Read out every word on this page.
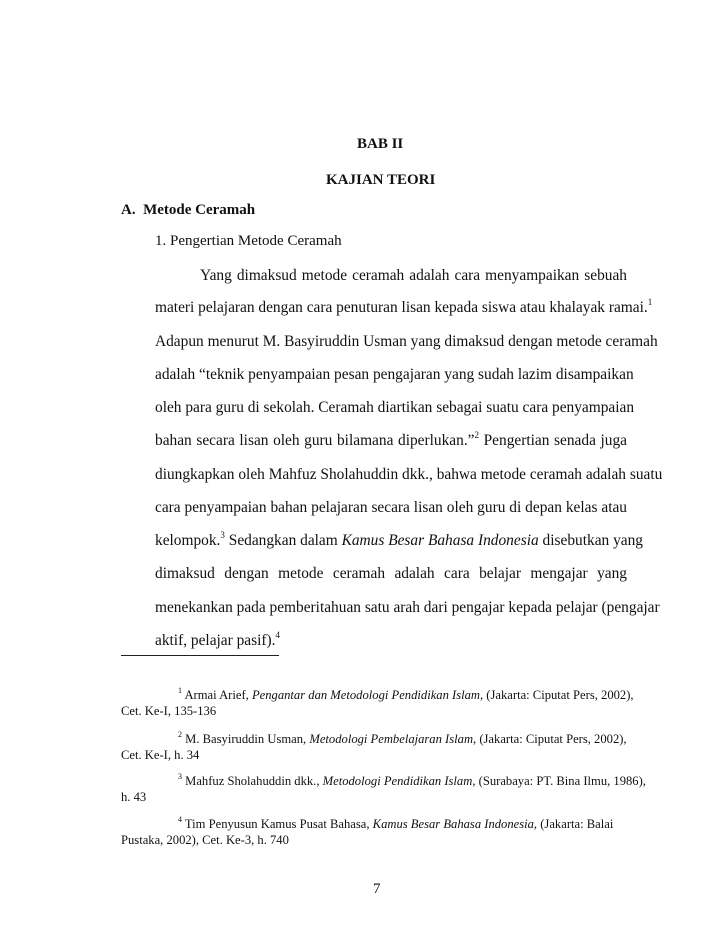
BAB II
KAJIAN TEORI
A.  Metode Ceramah
1. Pengertian Metode Ceramah
Yang dimaksud metode ceramah adalah cara menyampaikan sebuah
materi pelajaran dengan cara penuturan lisan kepada siswa atau khalayak ramai.$^1$
Adapun menurut M. Basyiruddin Usman yang dimaksud dengan metode ceramah
adalah “teknik penyampaian pesan pengajaran yang sudah lazim disampaikan
oleh para guru di sekolah. Ceramah diartikan sebagai suatu cara penyampaian
bahan secara lisan oleh guru bilamana diperlukan.”$^2$ Pengertian senada juga
diungkapkan oleh Mahfuz Sholahuddin dkk., bahwa metode ceramah adalah suatu
cara penyampaian bahan pelajaran secara lisan oleh guru di depan kelas atau
kelompok.$^3$ Sedangkan dalam Kamus Besar Bahasa Indonesia disebutkan yang
dimaksud dengan metode ceramah adalah cara belajar mengajar yang
menekankan pada pemberitahuan satu arah dari pengajar kepada pelajar (pengajar
aktif, pelajar pasif).$^4$
$^1$ Armai Arief, Pengantar dan Metodologi Pendidikan Islam, (Jakarta: Ciputat Pers, 2002),
Cet. Ke-I, 135-136
$^2$ M. Basyiruddin Usman, Metodologi Pembelajaran Islam, (Jakarta: Ciputat Pers, 2002),
Cet. Ke-I, h. 34
$^3$ Mahfuz Sholahuddin dkk., Metodologi Pendidikan Islam, (Surabaya: PT. Bina Ilmu, 1986),
h. 43
$^4$ Tim Penyusun Kamus Pusat Bahasa, Kamus Besar Bahasa Indonesia, (Jakarta: Balai
Pustaka, 2002), Cet. Ke-3, h. 740
7
